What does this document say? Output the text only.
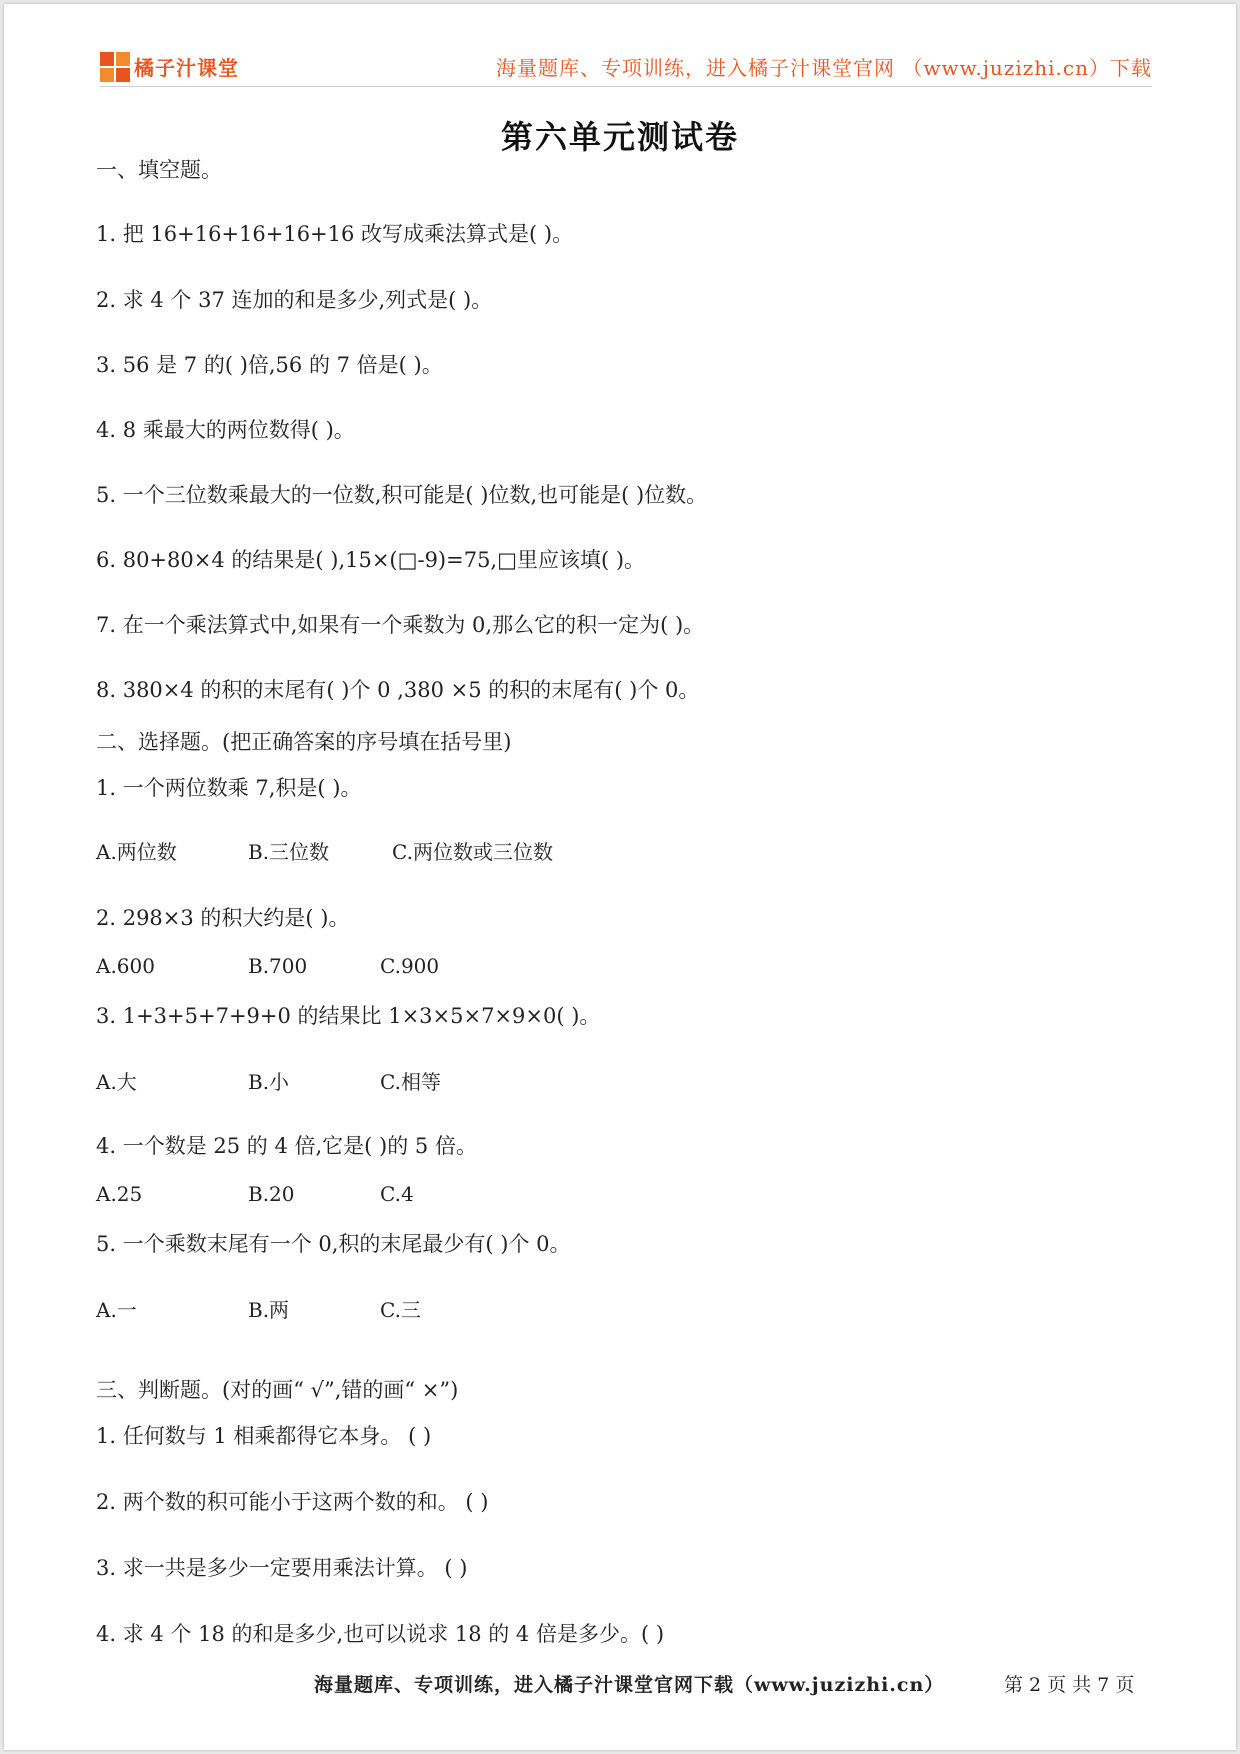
橘子汁课堂	海量题库、专项训练，进入橘子汁课堂官网 （www.juzizhi.cn）下载
第六单元测试卷
一、填空题。
1. 把 16+16+16+16+16 改写成乘法算式是( )。
2. 求 4 个 37 连加的和是多少,列式是( )。
3. 56 是 7 的( )倍,56 的 7 倍是( )。
4. 8 乘最大的两位数得( )。
5. 一个三位数乘最大的一位数,积可能是( )位数,也可能是( )位数。
6. 80+80×4 的结果是( ),15×(□-9)=75,□里应该填( )。
7. 在一个乘法算式中,如果有一个乘数为 0,那么它的积一定为( )。
8. 380×4 的积的末尾有( )个 0 ,380 ×5 的积的末尾有( )个 0。
二、选择题。(把正确答案的序号填在括号里)
1. 一个两位数乘 7,积是( )。
A.两位数	B.三位数	C.两位数或三位数
2. 298×3 的积大约是( )。
A.600	B.700	C.900
3. 1+3+5+7+9+0 的结果比 1×3×5×7×9×0( )。
A.大	B.小	C.相等
4. 一个数是 25 的 4 倍,它是( )的 5 倍。
A.25	B.20	C.4
5. 一个乘数末尾有一个 0,积的末尾最少有( )个 0。
A.一	B.两	C.三
三、判断题。(对的画“ √”,错的画“ ×”)
1. 任何数与 1 相乘都得它本身。 ( )
2. 两个数的积可能小于这两个数的和。 ( )
3. 求一共是多少一定要用乘法计算。 ( )
4. 求 4 个 18 的和是多少,也可以说求 18 的 4 倍是多少。( )
海量题库、专项训练，进入橘子汁课堂官网下载（www.juzizhi.cn）	第 2 页 共 7 页
